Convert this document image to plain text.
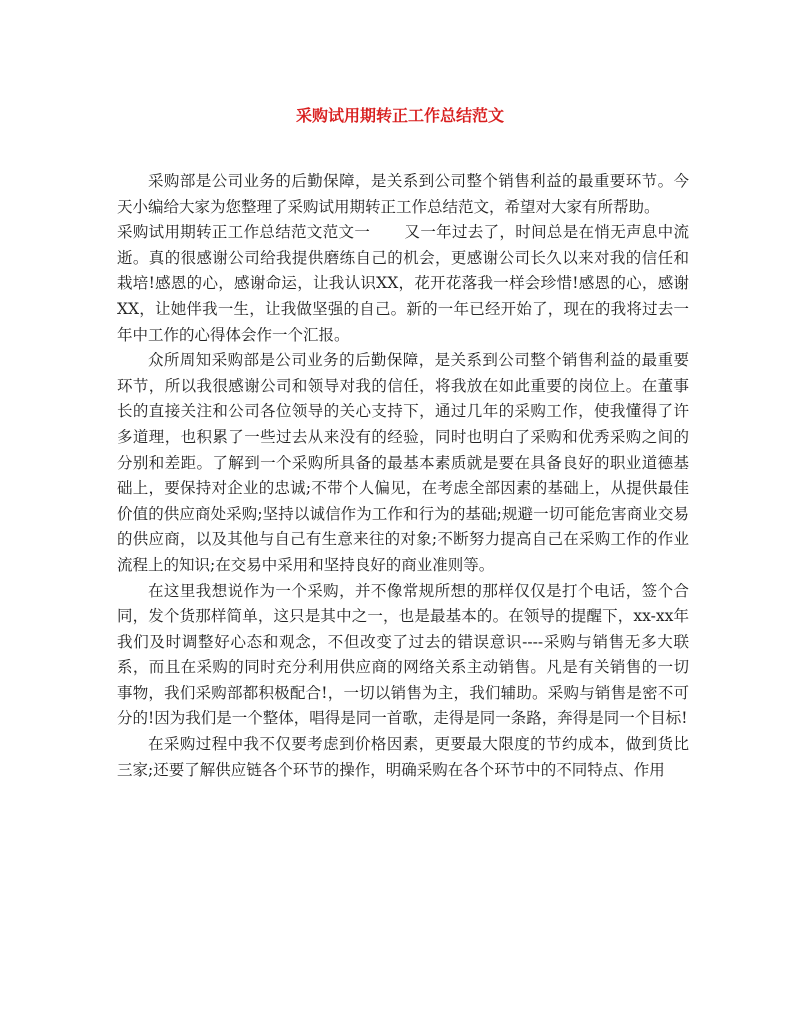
采购试用期转正工作总结范文

采购部是公司业务的后勤保障，是关系到公司整个销售利益的最重要环节。今天小编给大家为您整理了采购试用期转正工作总结范文，希望对大家有所帮助。

采购试用期转正工作总结范文范文一 又一年过去了，时间总是在悄无声息中流逝。真的很感谢公司给我提供磨练自己的机会，更感谢公司长久以来对我的信任和栽培!感恩的心，感谢命运，让我认识XX，花开花落我一样会珍惜!感恩的心，感谢XX，让她伴我一生，让我做坚强的自己。新的一年已经开始了，现在的我将过去一年中工作的心得体会作一个汇报。

众所周知采购部是公司业务的后勤保障，是关系到公司整个销售利益的最重要环节，所以我很感谢公司和领导对我的信任，将我放在如此重要的岗位上。在董事长的直接关注和公司各位领导的关心支持下，通过几年的采购工作，使我懂得了许多道理，也积累了一些过去从来没有的经验，同时也明白了采购和优秀采购之间的分别和差距。了解到一个采购所具备的最基本素质就是要在具备良好的职业道德基础上，要保持对企业的忠诚;不带个人偏见，在考虑全部因素的基础上，从提供最佳价值的供应商处采购;坚持以诚信作为工作和行为的基础;规避一切可能危害商业交易的供应商，以及其他与自己有生意来往的对象;不断努力提高自己在采购工作的作业流程上的知识;在交易中采用和坚持良好的商业准则等。

在这里我想说作为一个采购，并不像常规所想的那样仅仅是打个电话，签个合同，发个货那样简单，这只是其中之一，也是最基本的。在领导的提醒下，xx-xx年我们及时调整好心态和观念，不但改变了过去的错误意识----采购与销售无多大联系，而且在采购的同时充分利用供应商的网络关系主动销售。凡是有关销售的一切事物，我们采购部都积极配合!，一切以销售为主，我们辅助。采购与销售是密不可分的!因为我们是一个整体，唱得是同一首歌，走得是同一条路，奔得是同一个目标!

在采购过程中我不仅要考虑到价格因素，更要最大限度的节约成本，做到货比三家;还要了解供应链各个环节的操作，明确采购在各个环节中的不同特点、作用
